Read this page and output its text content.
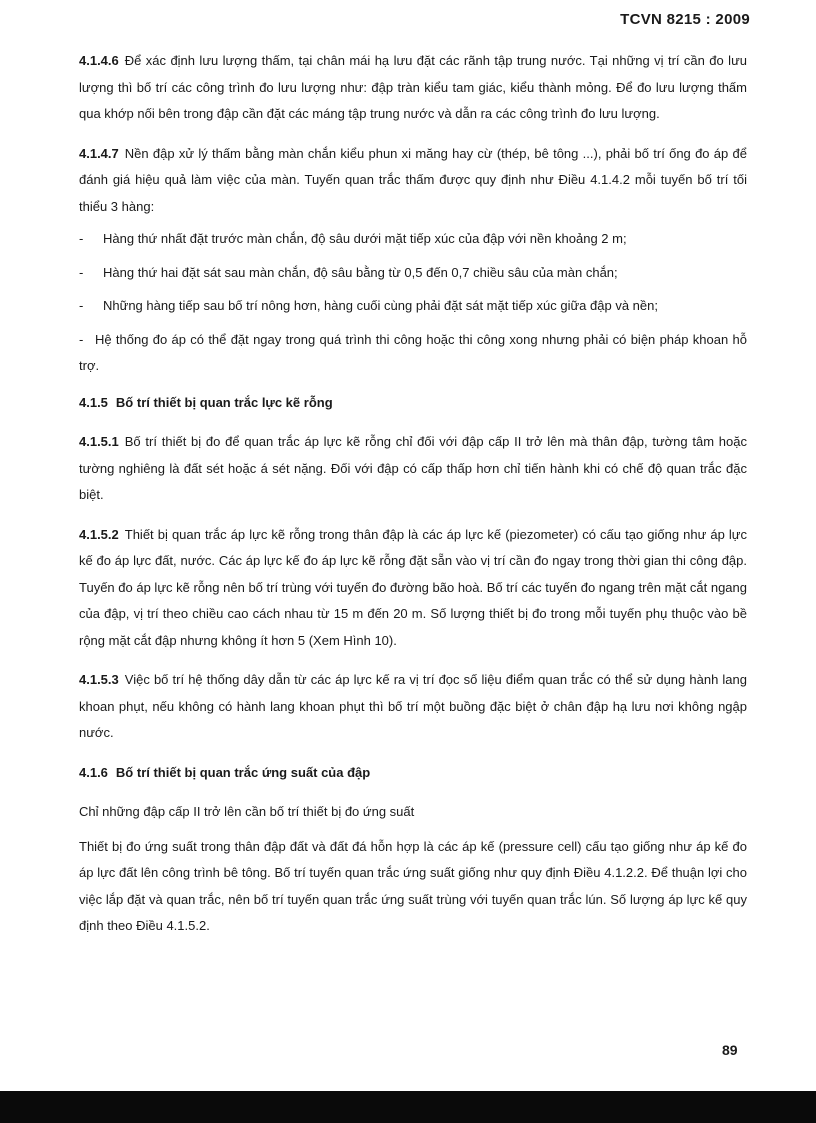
TCVN 8215 : 2009

4.1.4.6 Để xác định lưu lượng thấm, tại chân mái hạ lưu đặt các rãnh tập trung nước. Tại những vị trí cần đo lưu lượng thì bố trí các công trình đo lưu lượng như: đập tràn kiểu tam giác, kiểu thành mỏng. Để đo lưu lượng thấm qua khớp nối bên trong đập cần đặt các máng tập trung nước và dẫn ra các công trình đo lưu lượng.

4.1.4.7 Nền đập xử lý thấm bằng màn chắn kiểu phun xi măng hay cừ (thép, bê tông ...), phải bố trí ống đo áp để đánh giá hiệu quả làm việc của màn. Tuyến quan trắc thấm được quy định như Điều 4.1.4.2 mỗi tuyến bố trí tối thiểu 3 hàng:

- Hàng thứ nhất đặt trước màn chắn, độ sâu dưới mặt tiếp xúc của đập với nền khoảng 2 m;

- Hàng thứ hai đặt sát sau màn chắn, độ sâu bằng từ 0,5 đến 0,7 chiều sâu của màn chắn;

- Những hàng tiếp sau bố trí nông hơn, hàng cuối cùng phải đặt sát mặt tiếp xúc giữa đập và nền;

- Hệ thống đo áp có thể đặt ngay trong quá trình thi công hoặc thi công xong nhưng phải có biện pháp khoan hỗ trợ.

4.1.5 Bố trí thiết bị quan trắc lực kẽ rỗng

4.1.5.1 Bố trí thiết bị đo để quan trắc áp lực kẽ rỗng chỉ đối với đập cấp II trở lên mà thân đập, tường tâm hoặc tường nghiêng là đất sét hoặc á sét nặng. Đối với đập có cấp thấp hơn chỉ tiến hành khi có chế độ quan trắc đặc biệt.

4.1.5.2 Thiết bị quan trắc áp lực kẽ rỗng trong thân đập là các áp lực kế (piezometer) có cấu tạo giống như áp lực kế đo áp lực đất, nước. Các áp lực kế đo áp lực kẽ rỗng đặt sẵn vào vị trí cần đo ngay trong thời gian thi công đập. Tuyến đo áp lực kẽ rỗng nên bố trí trùng với tuyến đo đường bão hoà. Bố trí các tuyến đo ngang trên mặt cắt ngang của đập, vị trí theo chiều cao cách nhau từ 15 m đến 20 m. Số lượng thiết bị đo trong mỗi tuyến phụ thuộc vào bề rộng mặt cắt đập nhưng không ít hơn 5 (Xem Hình 10).

4.1.5.3 Việc bố trí hệ thống dây dẫn từ các áp lực kế ra vị trí đọc số liệu điểm quan trắc có thể sử dụng hành lang khoan phụt, nếu không có hành lang khoan phụt thì bố trí một buồng đặc biệt ở chân đập hạ lưu nơi không ngập nước.

4.1.6 Bố trí thiết bị quan trắc ứng suất của đập

Chỉ những đập cấp II trở lên cần bố trí thiết bị đo ứng suất

Thiết bị đo ứng suất trong thân đập đất và đất đá hỗn hợp là các áp kế (pressure cell) cấu tạo giống như áp kế đo áp lực đất lên công trình bê tông. Bố trí tuyến quan trắc ứng suất giống như quy định Điều 4.1.2.2. Để thuận lợi cho việc lắp đặt và quan trắc, nên bố trí tuyến quan trắc ứng suất trùng với tuyến quan trắc lún. Số lượng áp lực kế quy định theo Điều 4.1.5.2.

89
